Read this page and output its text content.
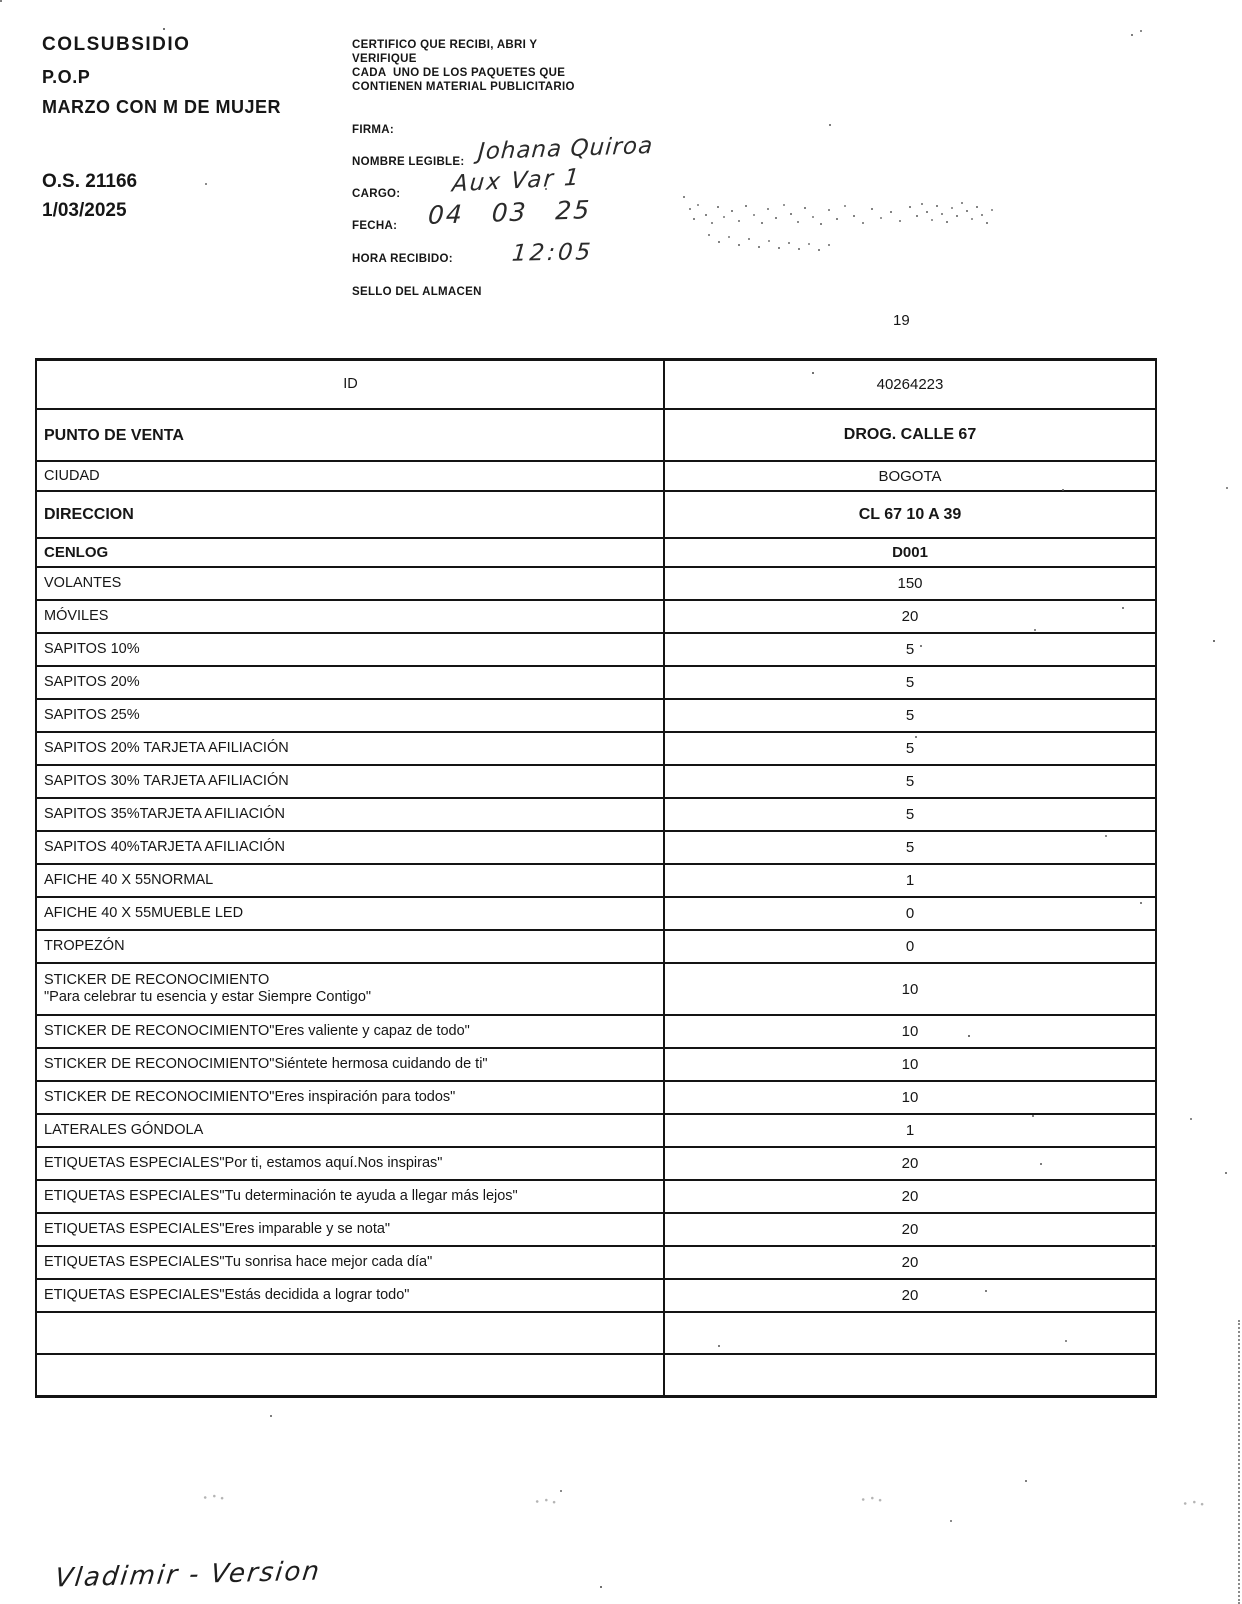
COLSUBSIDIO
P.O.P
MARZO CON M DE MUJER
O.S. 21166
1/03/2025
CERTIFICO QUE RECIBI, ABRI Y
VERIFIQUE
CADA  UNO DE LOS PAQUETES QUE
CONTIENEN MATERIAL PUBLICITARIO
FIRMA:
NOMBRE LEGIBLE:
CARGO:
FECHA:
HORA RECIBIDO:
SELLO DEL ALMACEN
Johana Quiroa
Aux Var 1
04 03 25
12:05
19
ID	40264223
PUNTO DE VENTA	DROG. CALLE 67
CIUDAD	BOGOTA
DIRECCION	CL 67 10 A 39
CENLOG	D001
VOLANTES	150
MÓVILES	20
SAPITOS 10%	5
SAPITOS 20%	5
SAPITOS 25%	5
SAPITOS 20% TARJETA AFILIACIÓN	5
SAPITOS 30% TARJETA AFILIACIÓN	5
SAPITOS 35%TARJETA AFILIACIÓN	5
SAPITOS 40%TARJETA AFILIACIÓN	5
AFICHE 40 X 55NORMAL	1
AFICHE 40 X 55MUEBLE LED	0
TROPEZÓN	0
STICKER DE RECONOCIMIENTO
"Para celebrar tu esencia y estar Siempre Contigo"	10
STICKER DE RECONOCIMIENTO"Eres valiente y capaz de todo"	10
STICKER DE RECONOCIMIENTO"Siéntete hermosa cuidando de ti"	10
STICKER DE RECONOCIMIENTO"Eres inspiración para todos"	10
LATERALES GÓNDOLA	1
ETIQUETAS ESPECIALES"Por ti, estamos aquí.Nos inspiras"	20
ETIQUETAS ESPECIALES"Tu determinación te ayuda a llegar más lejos"	20
ETIQUETAS ESPECIALES"Eres imparable y se nota"	20
ETIQUETAS ESPECIALES"Tu sonrisa hace mejor cada día"	20
ETIQUETAS ESPECIALES"Estás decidida a lograr todo"	20
Vladimir - Version
